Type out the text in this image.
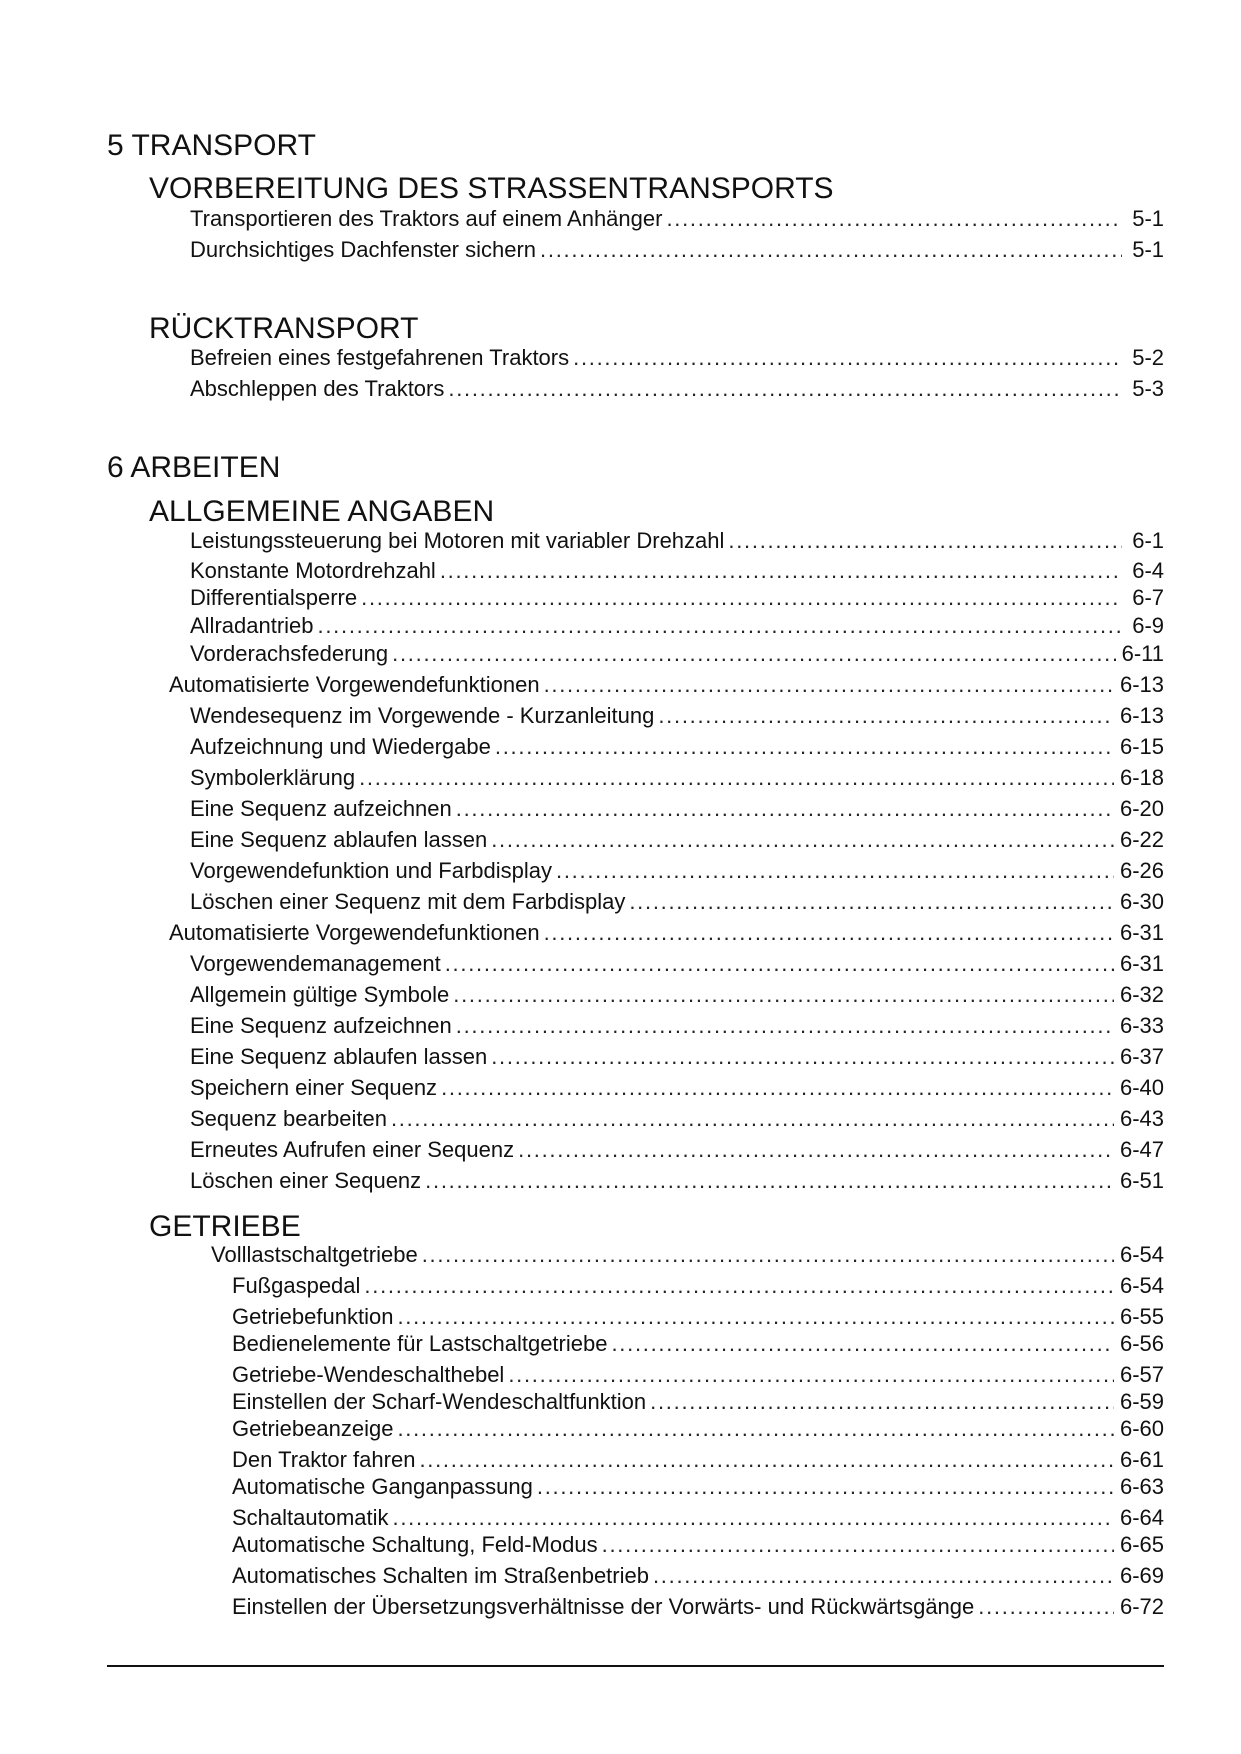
5 TRANSPORT
VORBEREITUNG DES STRASSENTRANSPORTS
Transportieren des Traktors auf einem Anhänger . . .	5-1
Durchsichtiges Dachfenster sichern . . .	5-1
RÜCKTRANSPORT
Befreien eines festgefahrenen Traktors . . .	5-2
Abschleppen des Traktors . . .	5-3
6 ARBEITEN
ALLGEMEINE ANGABEN
Leistungssteuerung bei Motoren mit variabler Drehzahl . . .	6-1
Konstante Motordrehzahl . . .	6-4
Differentialsperre . . .	6-7
Allradantrieb . . .	6-9
Vorderachsfederung . . .	6-11
Automatisierte Vorgewendefunktionen . . .	6-13
Wendesequenz im Vorgewende - Kurzanleitung . . .	6-13
Aufzeichnung und Wiedergabe . . .	6-15
Symbolerklärung . . .	6-18
Eine Sequenz aufzeichnen . . .	6-20
Eine Sequenz ablaufen lassen . . .	6-22
Vorgewendefunktion und Farbdisplay . . .	6-26
Löschen einer Sequenz mit dem Farbdisplay . . .	6-30
Automatisierte Vorgewendefunktionen . . .	6-31
Vorgewendemanagement . . .	6-31
Allgemein gültige Symbole . . .	6-32
Eine Sequenz aufzeichnen . . .	6-33
Eine Sequenz ablaufen lassen . . .	6-37
Speichern einer Sequenz . . .	6-40
Sequenz bearbeiten . . .	6-43
Erneutes Aufrufen einer Sequenz . . .	6-47
Löschen einer Sequenz . . .	6-51
GETRIEBE
Volllastschaltgetriebe . . .	6-54
Fußgaspedal . . .	6-54
Getriebefunktion . . .	6-55
Bedienelemente für Lastschaltgetriebe . . .	6-56
Getriebe-Wendeschalthebel . . .	6-57
Einstellen der Scharf-Wendeschaltfunktion . . .	6-59
Getriebeanzeige . . .	6-60
Den Traktor fahren . . .	6-61
Automatische Ganganpassung . . .	6-63
Schaltautomatik . . .	6-64
Automatische Schaltung, Feld-Modus . . .	6-65
Automatisches Schalten im Straßenbetrieb . . .	6-69
Einstellen der Übersetzungsverhältnisse der Vorwärts- und Rückwärtsgänge . . .	6-72
